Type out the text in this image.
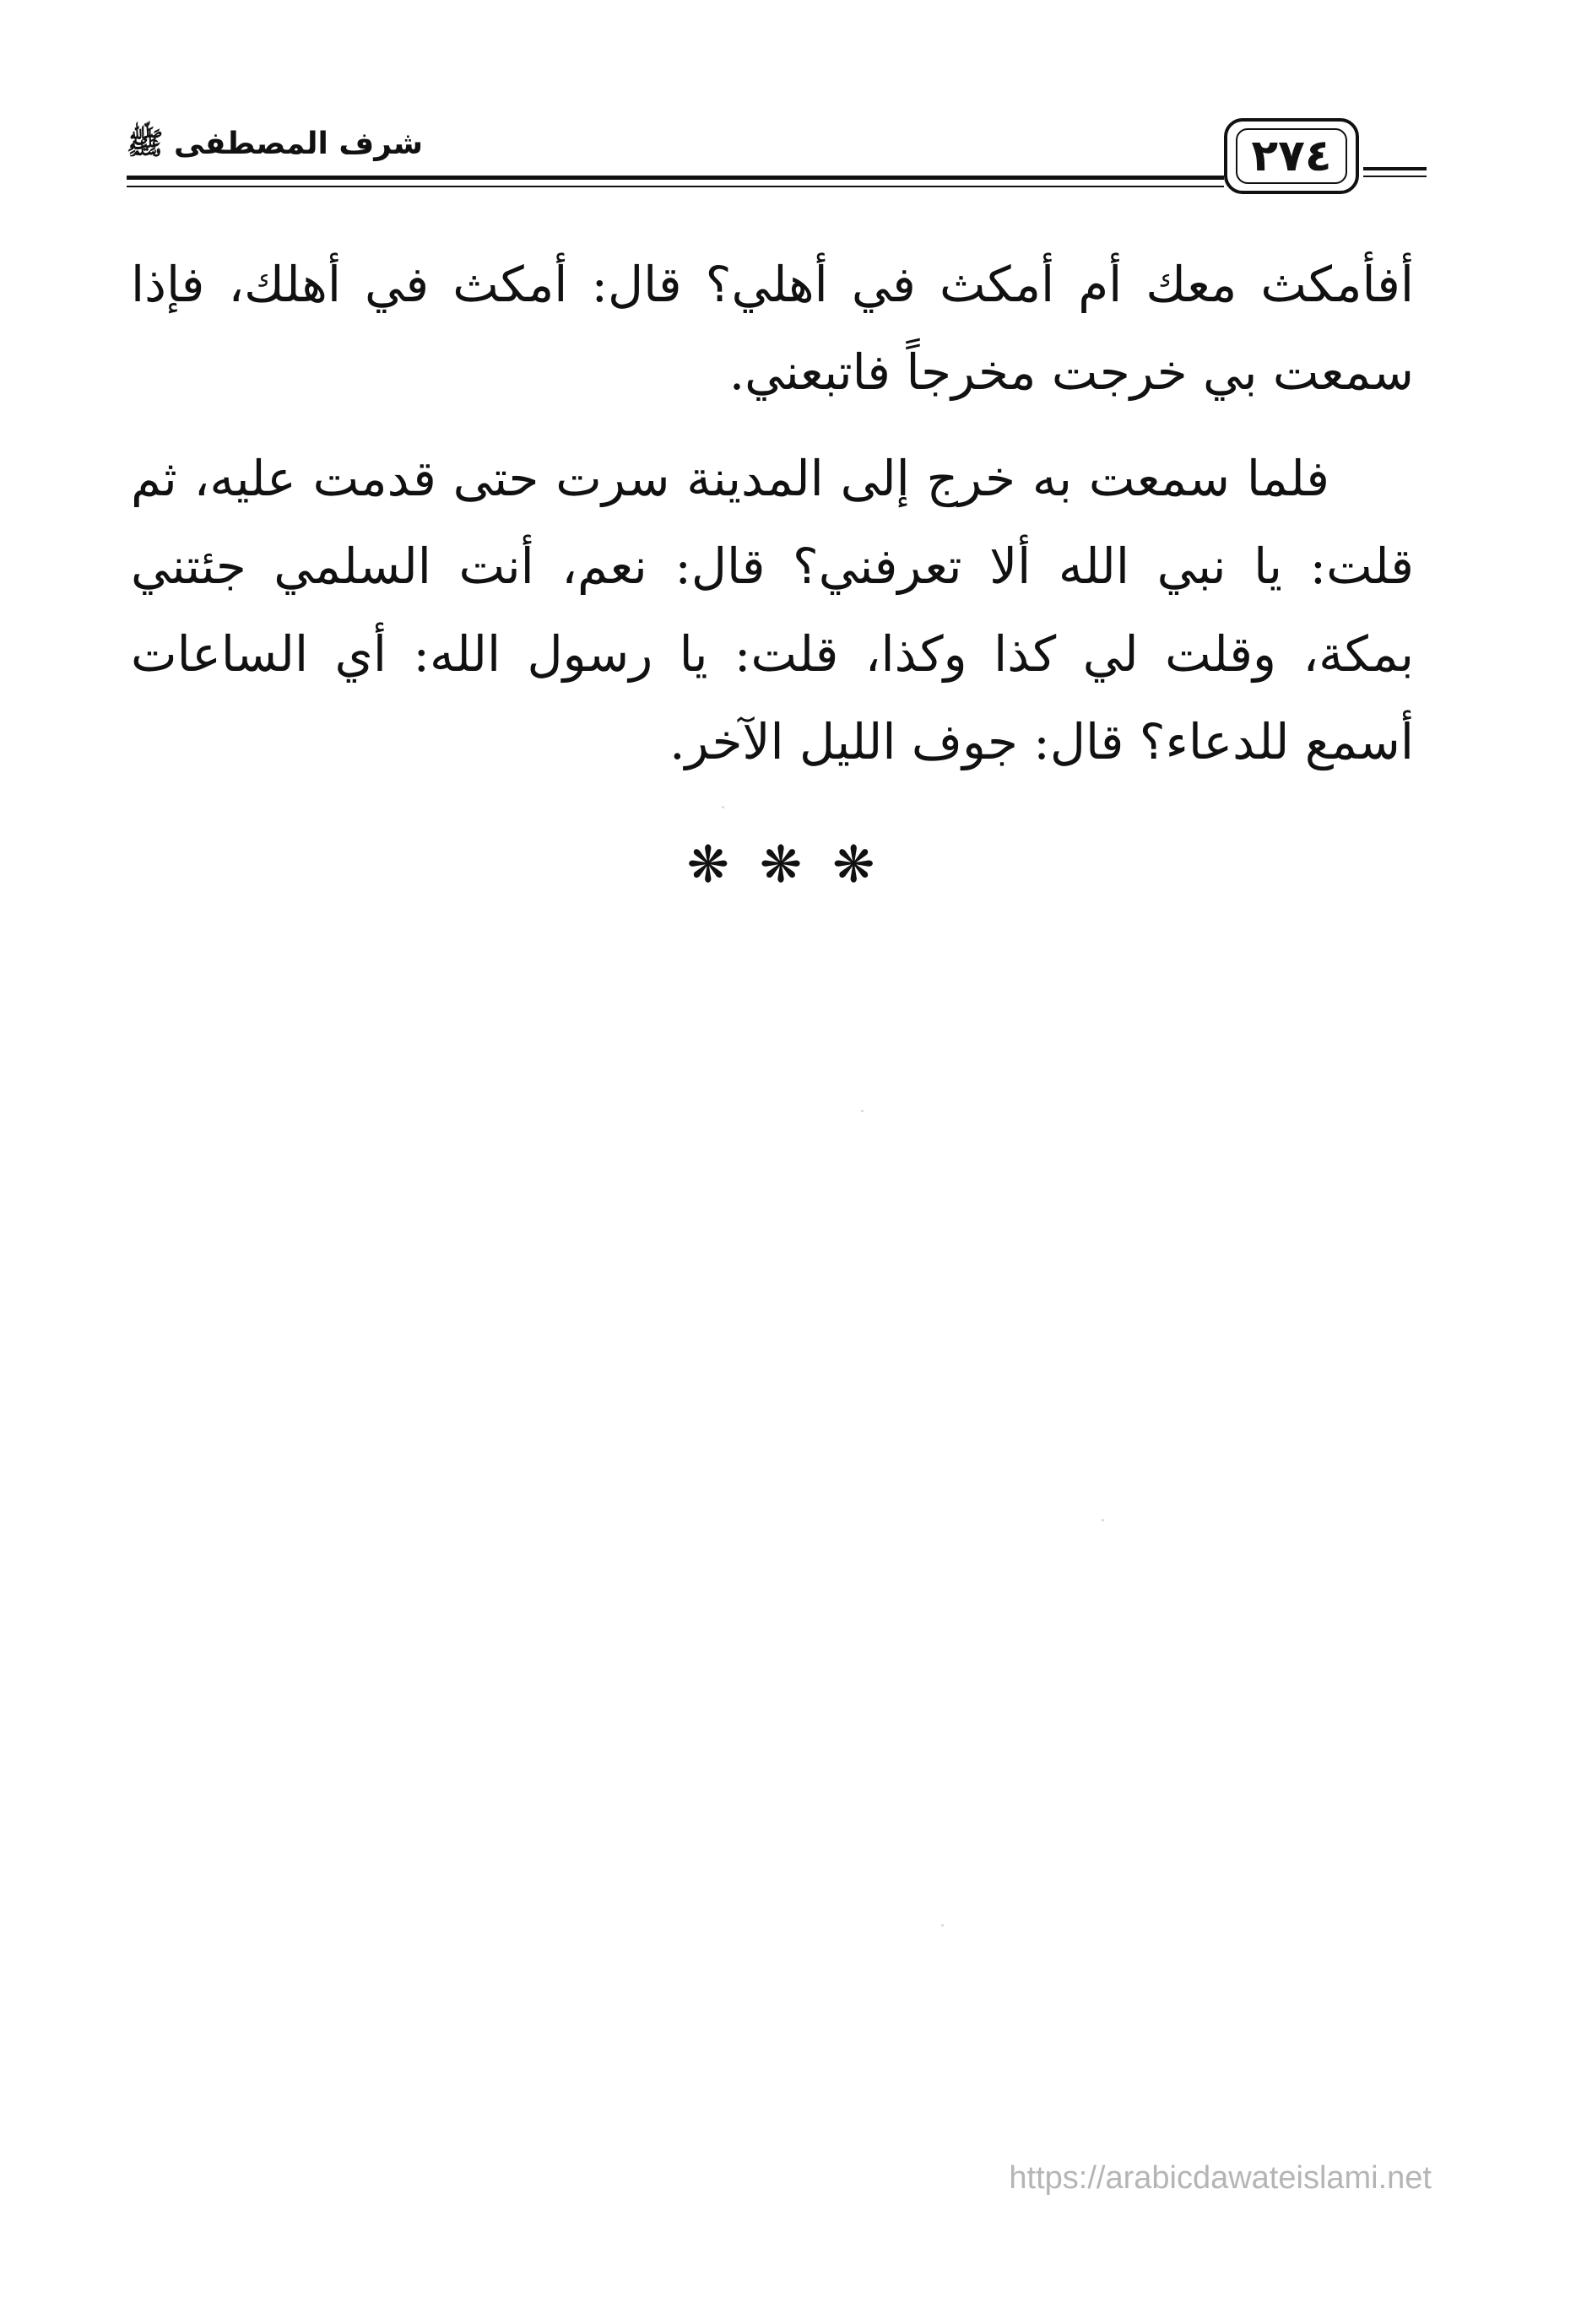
شرف المصطفى ﷺ	٢٧٤

أفأمكث معك أم أمكث في أهلي؟ قال: أمكث في أهلك، فإذا سمعت بي خرجت مخرجاً فاتبعني.

فلما سمعت به خرج إلى المدينة سرت حتى قدمت عليه، ثم قلت: يا نبي الله ألا تعرفني؟ قال: نعم، أنت السلمي جئتني بمكة، وقلت لي كذا وكذا، قلت: يا رسول الله: أي الساعات أسمع للدعاء؟ قال: جوف الليل الآخر.

❋❋❋
https://arabicdawateislami.net
